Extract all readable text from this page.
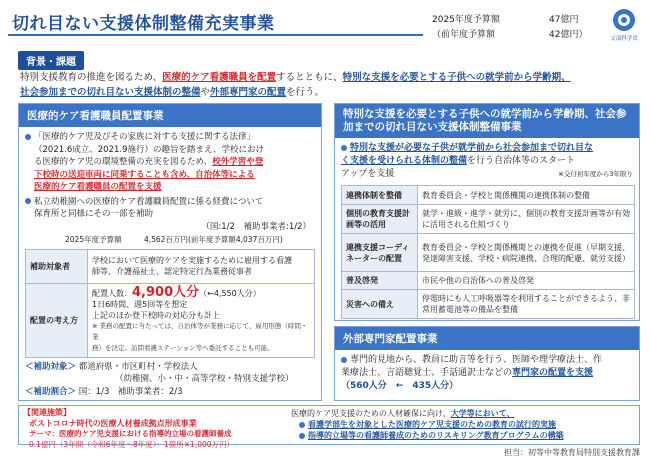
切れ目ない支援体制整備充実事業	2025年度予算額	47億円
（前年度予算額	42億円）	文部科学省
背景・課題
特別支援教育の推進を図るため、医療的ケア看護職員を配置するとともに、特別な支援を必要とする子供への就学前から学齢期、
社会参加までの切れ目ない支援体制の整備や外部専門家の配置を行う。
医療的ケア看護職員配置事業
「医療的ケア児及びその家族に対する支援に関する法律」
（2021.6成立、2021.9施行）の趣旨を踏まえ、学校におけ
る医療的ケア児の環境整備の充実を図るため、校外学習や登
下校時の送迎車両に同乗することも含め、自治体等による
医療的ケア看護職員の配置を支援
私立幼稚園への医療的ケア看護職員配置に係る経費について
保育所と同様にその一部を補助
（国:1/2　補助事業者:1/2）
2025年度予算額	4,562百万円(前年度予算額4,037百万円)
補助対象者	学校において医療的ケアを実施するために雇用する看護
師等、介護福祉士、認定特定行為業務従事者
配置の考え方	配置人数：4,900人分（←4,550人分）
1日6時間、週5回等を想定
上記のほか登下校時の対応分も計上
※ 業務の配置に当たっては、自治体等が業務に応じて、雇用形態（時間・業
務）を決定。訪問看護ステーション等へ委託することも可能。
＜補助対象＞ 都道府県・市区町村・学校法人
（幼稚園、小・中・高等学校・特別支援学校）
＜補助割合＞ 国：1/3　補助事業者：2/3
特別な支援を必要とする子供への就学前から学齢期、社会参
加までの切れ目ない支援体制整備事業
特別な支援が必要な子供が就学前から社会参加まで切れ目な
く支援を受けられる体制の整備を行う自治体等のスタート
アップを支援	※交付初年度から3年限り
連携体制を整備	教育委員会・学校と関係機関の連携体制の整備
個別の教育支援計画等の活用	就学・進級・進学・就労に、個別の教育支援計画等が有効に活用される仕組づくり
連携支援コーディネーターの配置	教育委員会・学校と関係機関との連携を促進（早期支援、発達障害支援、学校・病院連携、合理的配慮、就労支援）
普及啓発	市民や他の自治体への普及啓発
災害への備え	停電時にも人工呼吸器等を利用することができるよう、非常用蓄電池等の備品を整備
外部専門家配置事業
専門的見地から、教員に助言等を行う、医師や理学療法士、作
業療法士、言語聴覚士、手話通訳士などの専門家の配置を支援
（560人分　←　435人分）
【関連施策】
ポストコロナ時代の医療人材養成拠点形成事業
テーマ：医療的ケア児支援における指導的立場の看護師養成
0.1億円（3年間（令和6年度～8年度）：1箇所×1,000万円）
医療的ケア児支援のための人材確保に向け、大学等において、
看護学部生を対象とした医療的ケア児支援のための教育の試行的実施
指導的立場等の看護師養成のためのリスキリング教育プログラムの構築
担当：初等中等教育局特別支援教育課
